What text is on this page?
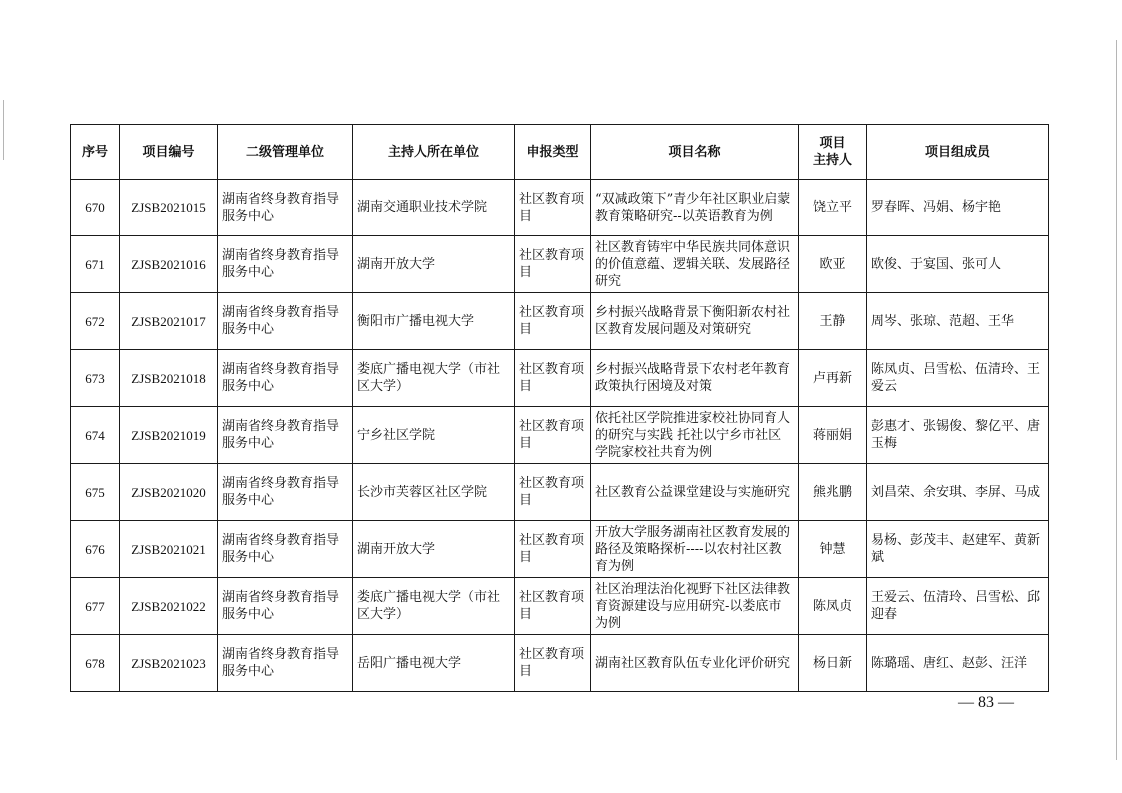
序号	项目编号	二级管理单位	主持人所在单位	申报类型	项目名称	项目
主持人	项目组成员
670	ZJSB2021015	湖南省终身教育指导服务中心	湖南交通职业技术学院	社区教育项目	“双减政策下”青少年社区职业启蒙教育策略研究--以英语教育为例	饶立平	罗春晖、冯娟、杨宇艳
671	ZJSB2021016	湖南省终身教育指导服务中心	湖南开放大学	社区教育项目	社区教育铸牢中华民族共同体意识的价值意蕴、逻辑关联、发展路径研究	欧亚	欧俊、于宴国、张可人
672	ZJSB2021017	湖南省终身教育指导服务中心	衡阳市广播电视大学	社区教育项目	乡村振兴战略背景下衡阳新农村社区教育发展问题及对策研究	王静	周岑、张琼、范超、王华
673	ZJSB2021018	湖南省终身教育指导服务中心	娄底广播电视大学（市社区大学）	社区教育项目	乡村振兴战略背景下农村老年教育政策执行困境及对策	卢再新	陈凤贞、吕雪松、伍清玲、王爱云
674	ZJSB2021019	湖南省终身教育指导服务中心	宁乡社区学院	社区教育项目	依托社区学院推进家校社协同育人的研究与实践 托社以宁乡市社区学院家校社共育为例	蒋丽娟	彭惠才、张锡俊、黎亿平、唐玉梅
675	ZJSB2021020	湖南省终身教育指导服务中心	长沙市芙蓉区社区学院	社区教育项目	社区教育公益课堂建设与实施研究	熊兆鹏	刘昌荣、余安琪、李屏、马成
676	ZJSB2021021	湖南省终身教育指导服务中心	湖南开放大学	社区教育项目	开放大学服务湖南社区教育发展的路径及策略探析----以农村社区教育为例	钟慧	易杨、彭茂丰、赵建军、黄新斌
677	ZJSB2021022	湖南省终身教育指导服务中心	娄底广播电视大学（市社区大学）	社区教育项目	社区治理法治化视野下社区法律教育资源建设与应用研究-以娄底市为例	陈凤贞	王爱云、伍清玲、吕雪松、邱迎春
678	ZJSB2021023	湖南省终身教育指导服务中心	岳阳广播电视大学	社区教育项目	湖南社区教育队伍专业化评价研究	杨日新	陈璐瑶、唐红、赵彭、汪洋
— 83 —
